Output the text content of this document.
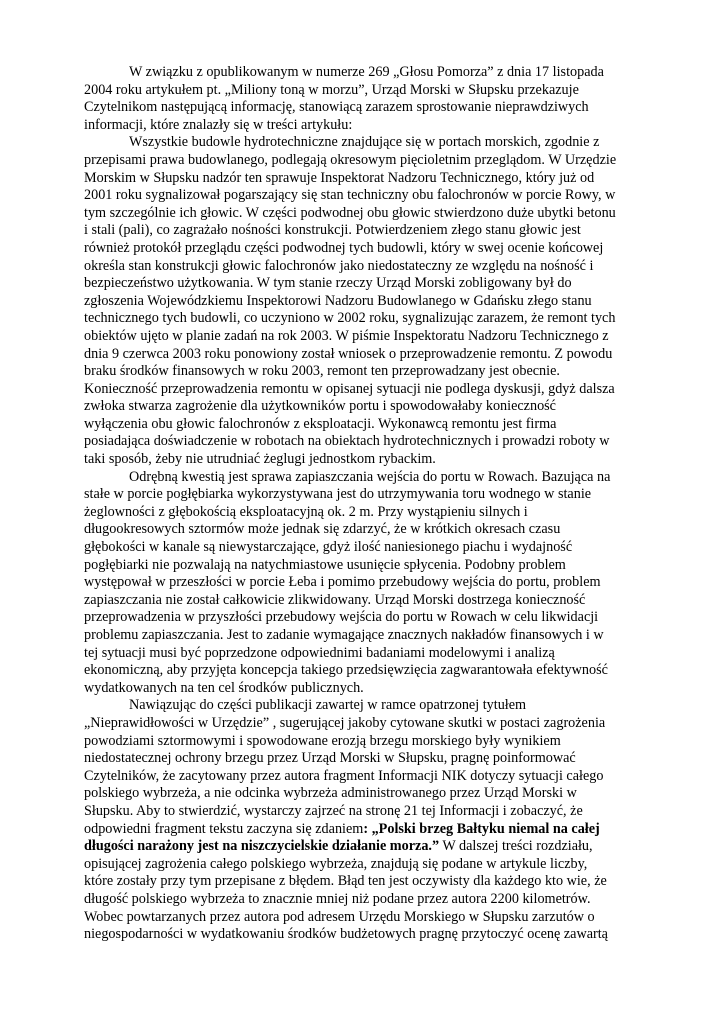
W związku z opublikowanym w numerze 269 „Głosu Pomorza” z dnia 17 listopada
2004 roku artykułem pt. „Miliony toną w morzu”, Urząd Morski w Słupsku przekazuje
Czytelnikom następującą informację, stanowiącą zarazem sprostowanie nieprawdziwych
informacji, które znalazły się w treści artykułu:
Wszystkie budowle hydrotechniczne znajdujące się w portach morskich, zgodnie z
przepisami prawa budowlanego, podlegają okresowym pięcioletnim przeglądom. W Urzędzie
Morskim w Słupsku nadzór ten sprawuje Inspektorat Nadzoru Technicznego, który już od
2001 roku sygnalizował pogarszający się stan techniczny obu falochronów w porcie Rowy, w
tym szczególnie ich głowic. W części podwodnej obu głowic stwierdzono duże ubytki betonu
i stali (pali), co zagrażało nośności konstrukcji. Potwierdzeniem złego stanu głowic jest
również protokół przeglądu części podwodnej tych budowli, który w swej ocenie końcowej
określa stan konstrukcji głowic falochronów jako niedostateczny ze względu na nośność i
bezpieczeństwo użytkowania. W tym stanie rzeczy Urząd Morski zobligowany był do
zgłoszenia Wojewódzkiemu Inspektorowi Nadzoru Budowlanego w Gdańsku złego stanu
technicznego tych budowli, co uczyniono w 2002 roku, sygnalizując zarazem, że remont tych
obiektów ujęto w planie zadań na rok 2003. W piśmie Inspektoratu Nadzoru Technicznego z
dnia 9 czerwca 2003 roku ponowiony został wniosek o przeprowadzenie remontu. Z powodu
braku środków finansowych w roku 2003, remont ten przeprowadzany jest obecnie.
Konieczność przeprowadzenia remontu w opisanej sytuacji nie podlega dyskusji, gdyż dalsza
zwłoka stwarza zagrożenie dla użytkowników portu i spowodowałaby konieczność
wyłączenia obu głowic falochronów z eksploatacji. Wykonawcą remontu jest firma
posiadająca doświadczenie w robotach na obiektach hydrotechnicznych i prowadzi roboty w
taki sposób, żeby nie utrudniać żeglugi jednostkom rybackim.
Odrębną kwestią jest sprawa zapiaszczania wejścia do portu w Rowach. Bazująca na
stałe w porcie pogłębiarka wykorzystywana jest do utrzymywania toru wodnego w stanie
żeglowności z głębokością eksploatacyjną ok. 2 m. Przy wystąpieniu silnych i
długookresowych sztormów może jednak się zdarzyć, że w krótkich okresach czasu
głębokości w kanale są niewystarczające, gdyż ilość naniesionego piachu i wydajność
pogłębiarki nie pozwalają na natychmiastowe usunięcie spłycenia. Podobny problem
występował w przeszłości w porcie Łeba i pomimo przebudowy wejścia do portu, problem
zapiaszczania nie został całkowicie zlikwidowany. Urząd Morski dostrzega konieczność
przeprowadzenia w przyszłości przebudowy wejścia do portu w Rowach w celu likwidacji
problemu zapiaszczania. Jest to zadanie wymagające znacznych nakładów finansowych i w
tej sytuacji musi być poprzedzone odpowiednimi badaniami modelowymi i analizą
ekonomiczną, aby przyjęta koncepcja takiego przedsięwzięcia zagwarantowała efektywność
wydatkowanych na ten cel środków publicznych.
Nawiązując do części publikacji zawartej w ramce opatrzonej tytułem
„Nieprawidłowości w Urzędzie” , sugerującej jakoby cytowane skutki w postaci zagrożenia
powodziami sztormowymi i spowodowane erozją brzegu morskiego były wynikiem
niedostatecznej ochrony brzegu przez Urząd Morski w Słupsku, pragnę poinformować
Czytelników, że zacytowany przez autora fragment Informacji NIK dotyczy sytuacji całego
polskiego wybrzeża, a nie odcinka wybrzeża administrowanego przez Urząd Morski w
Słupsku. Aby to stwierdzić, wystarczy zajrzeć na stronę 21 tej Informacji i zobaczyć, że
odpowiedni fragment tekstu zaczyna się zdaniem: „Polski brzeg Bałtyku niemal na całej
długości narażony jest na niszczycielskie działanie morza.” W dalszej treści rozdziału,
opisującej zagrożenia całego polskiego wybrzeża, znajdują się podane w artykule liczby,
które zostały przy tym przepisane z błędem. Błąd ten jest oczywisty dla każdego kto wie, że
długość polskiego wybrzeża to znacznie mniej niż podane przez autora 2200 kilometrów.
Wobec powtarzanych przez autora pod adresem Urzędu Morskiego w Słupsku zarzutów o
niegospodarności w wydatkowaniu środków budżetowych pragnę przytoczyć ocenę zawartą
